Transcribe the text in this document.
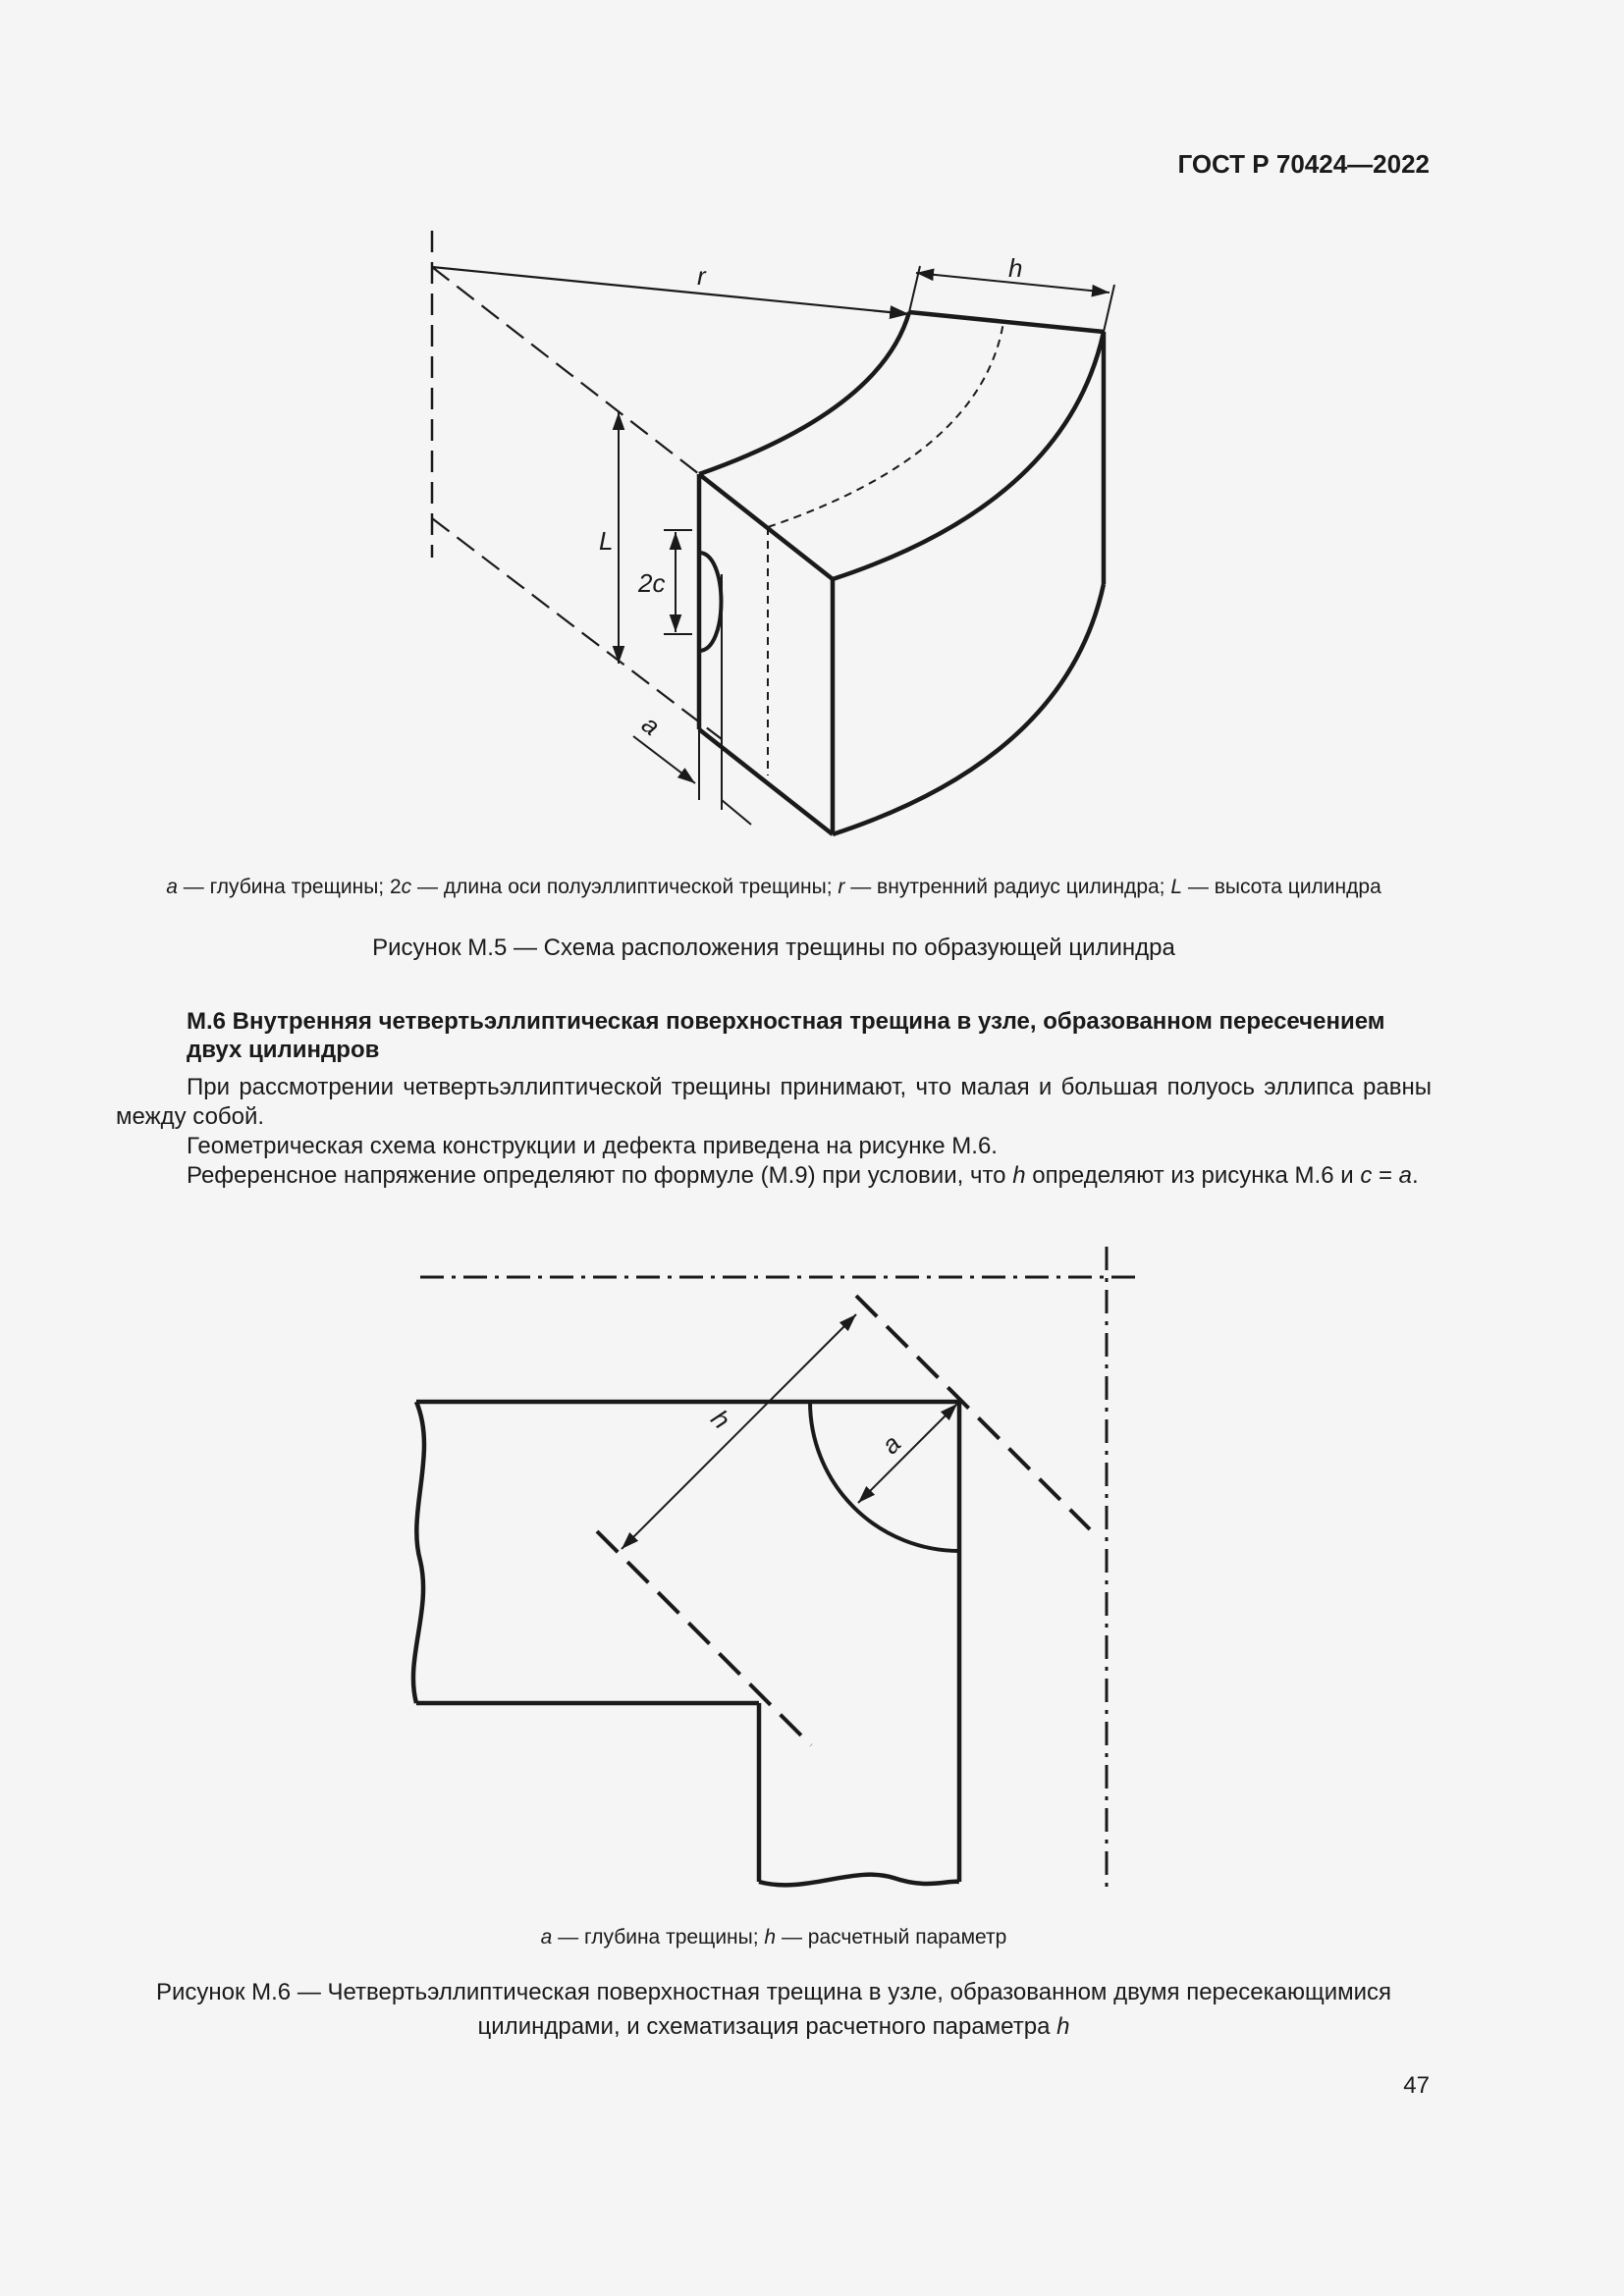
ГОСТ Р 70424—2022
r	h
L
2c
a
a — глубина трещины; 2c — длина оси полуэллиптической трещины; r — внутренний радиус цилиндра; L — высота цилиндра
Рисунок М.5 — Схема расположения трещины по образующей цилиндра
М.6 Внутренняя четвертьэллиптическая поверхностная трещина в узле, образованном пересечением двух цилиндров
При рассмотрении четвертьэллиптической трещины принимают, что малая и большая полуось эллипса равны между собой.
Геометрическая схема конструкции и дефекта приведена на рисунке М.6.
Референсное напряжение определяют по формуле (М.9) при условии, что h определяют из рисунка М.6 и c = a.
h
a
a — глубина трещины; h — расчетный параметр
Рисунок М.6 — Четвертьэллиптическая поверхностная трещина в узле, образованном двумя пересекающимися
цилиндрами, и схематизация расчетного параметра h
47
